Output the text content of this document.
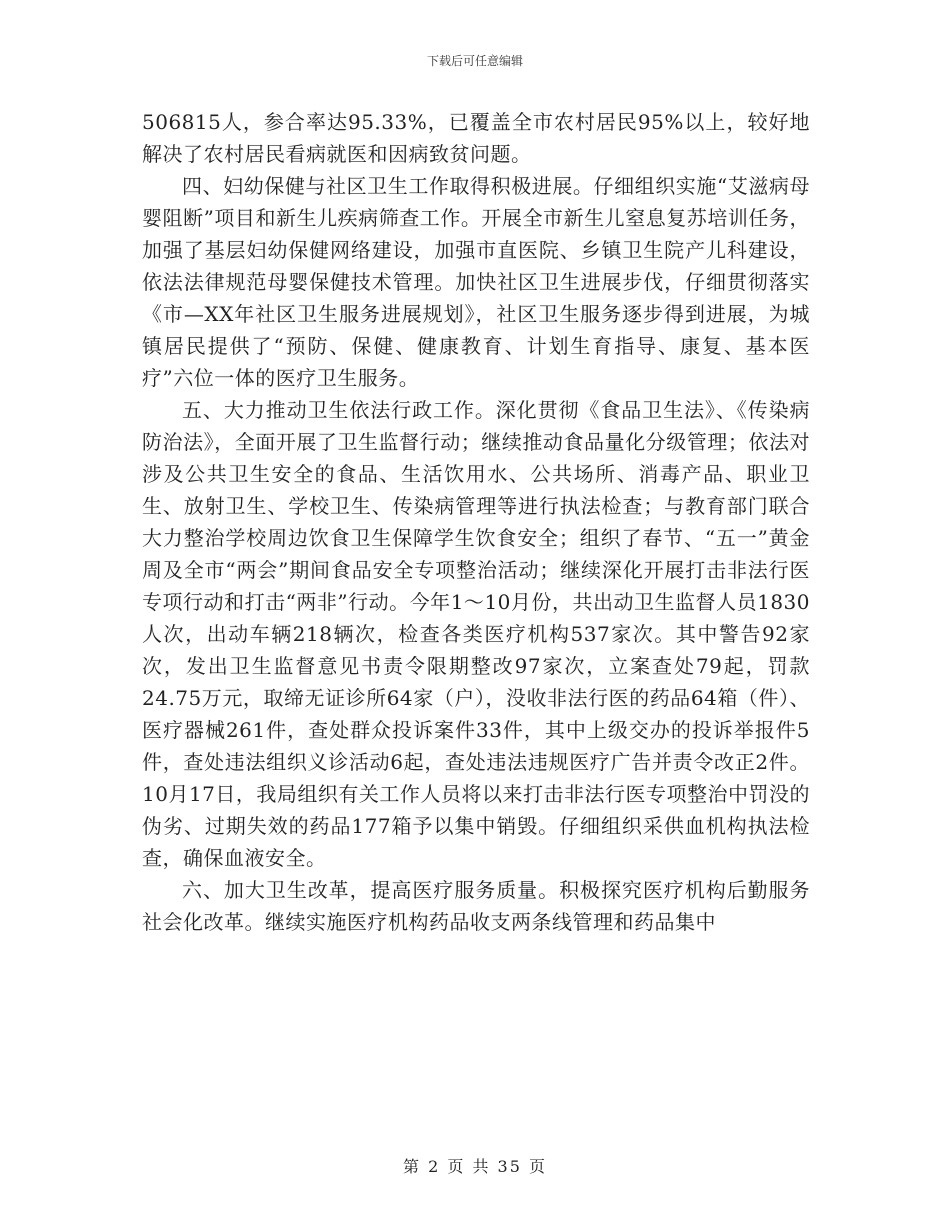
下载后可任意编辑

506815人，参合率达95.33%，已覆盖全市农村居民95%以上，较好地解决了农村居民看病就医和因病致贫问题。

四、妇幼保健与社区卫生工作取得积极进展。仔细组织实施“艾滋病母婴阻断”项目和新生儿疾病筛查工作。开展全市新生儿窒息复苏培训任务，加强了基层妇幼保健网络建设，加强市直医院、乡镇卫生院产儿科建设，依法法律规范母婴保健技术管理。加快社区卫生进展步伐，仔细贯彻落实《市—XX年社区卫生服务进展规划》，社区卫生服务逐步得到进展，为城镇居民提供了“预防、保健、健康教育、计划生育指导、康复、基本医疗”六位一体的医疗卫生服务。

五、大力推动卫生依法行政工作。深化贯彻《食品卫生法》、《传染病防治法》，全面开展了卫生监督行动；继续推动食品量化分级管理；依法对涉及公共卫生安全的食品、生活饮用水、公共场所、消毒产品、职业卫生、放射卫生、学校卫生、传染病管理等进行执法检查；与教育部门联合大力整治学校周边饮食卫生保障学生饮食安全；组织了春节、“五一”黄金周及全市“两会”期间食品安全专项整治活动；继续深化开展打击非法行医专项行动和打击“两非”行动。今年1～10月份，共出动卫生监督人员1830人次，出动车辆218辆次，检查各类医疗机构537家次。其中警告92家次，发出卫生监督意见书责令限期整改97家次，立案查处79起，罚款24.75万元，取缔无证诊所64家（户），没收非法行医的药品64箱（件）、医疗器械261件，查处群众投诉案件33件，其中上级交办的投诉举报件5件，查处违法组织义诊活动6起，查处违法违规医疗广告并责令改正2件。10月17日，我局组织有关工作人员将以来打击非法行医专项整治中罚没的伪劣、过期失效的药品177箱予以集中销毁。仔细组织采供血机构执法检查，确保血液安全。

六、加大卫生改革，提高医疗服务质量。积极探究医疗机构后勤服务社会化改革。继续实施医疗机构药品收支两条线管理和药品集中

第 2 页 共 35 页
